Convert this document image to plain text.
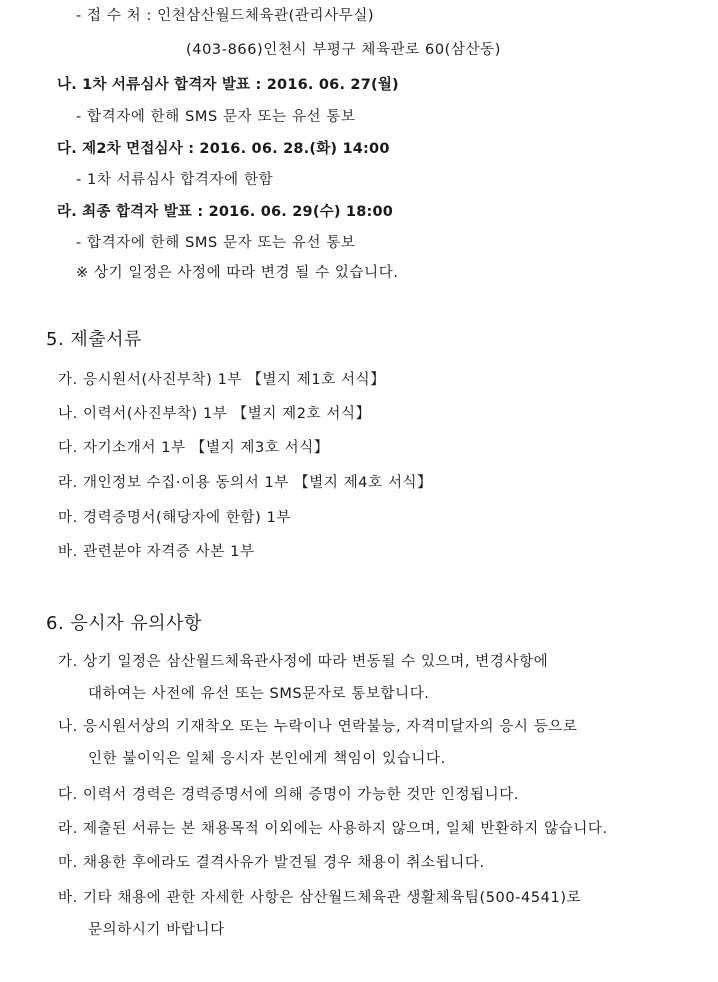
- 접 수 처 : 인천삼산월드체육관(관리사무실)
(403-866)인천시 부평구 체육관로 60(삼산동)
나. 1차 서류심사 합격자 발표 : 2016. 06. 27(월)
- 합격자에 한해 SMS 문자 또는 유선 통보
다. 제2차 면접심사 : 2016. 06. 28.(화) 14:00
- 1차 서류심사 합격자에 한함
라. 최종 합격자 발표 : 2016. 06. 29(수) 18:00
- 합격자에 한해 SMS 문자 또는 유선 통보
※ 상기 일정은 사정에 따라 변경 될 수 있습니다.
5. 제출서류
가. 응시원서(사진부착) 1부 【별지 제1호 서식】
나. 이력서(사진부착) 1부 【별지 제2호 서식】
다. 자기소개서 1부 【별지 제3호 서식】
라. 개인정보 수집·이용 동의서 1부 【별지 제4호 서식】
마. 경력증명서(해당자에 한함) 1부
바. 관련분야 자격증 사본 1부
6. 응시자 유의사항
가. 상기 일정은 삼산월드체육관사정에 따라 변동될 수 있으며, 변경사항에
대하여는 사전에 유선 또는 SMS문자로 통보합니다.
나. 응시원서상의 기재착오 또는 누락이나 연락불능, 자격미달자의 응시 등으로
인한 불이익은 일체 응시자 본인에게 책임이 있습니다.
다. 이력서 경력은 경력증명서에 의해 증명이 가능한 것만 인정됩니다.
라. 제출된 서류는 본 채용목적 이외에는 사용하지 않으며, 일체 반환하지 않습니다.
마. 채용한 후에라도 결격사유가 발견될 경우 채용이 취소됩니다.
바. 기타 채용에 관한 자세한 사항은 삼산월드체육관 생활체육팀(500-4541)로
문의하시기 바랍니다
